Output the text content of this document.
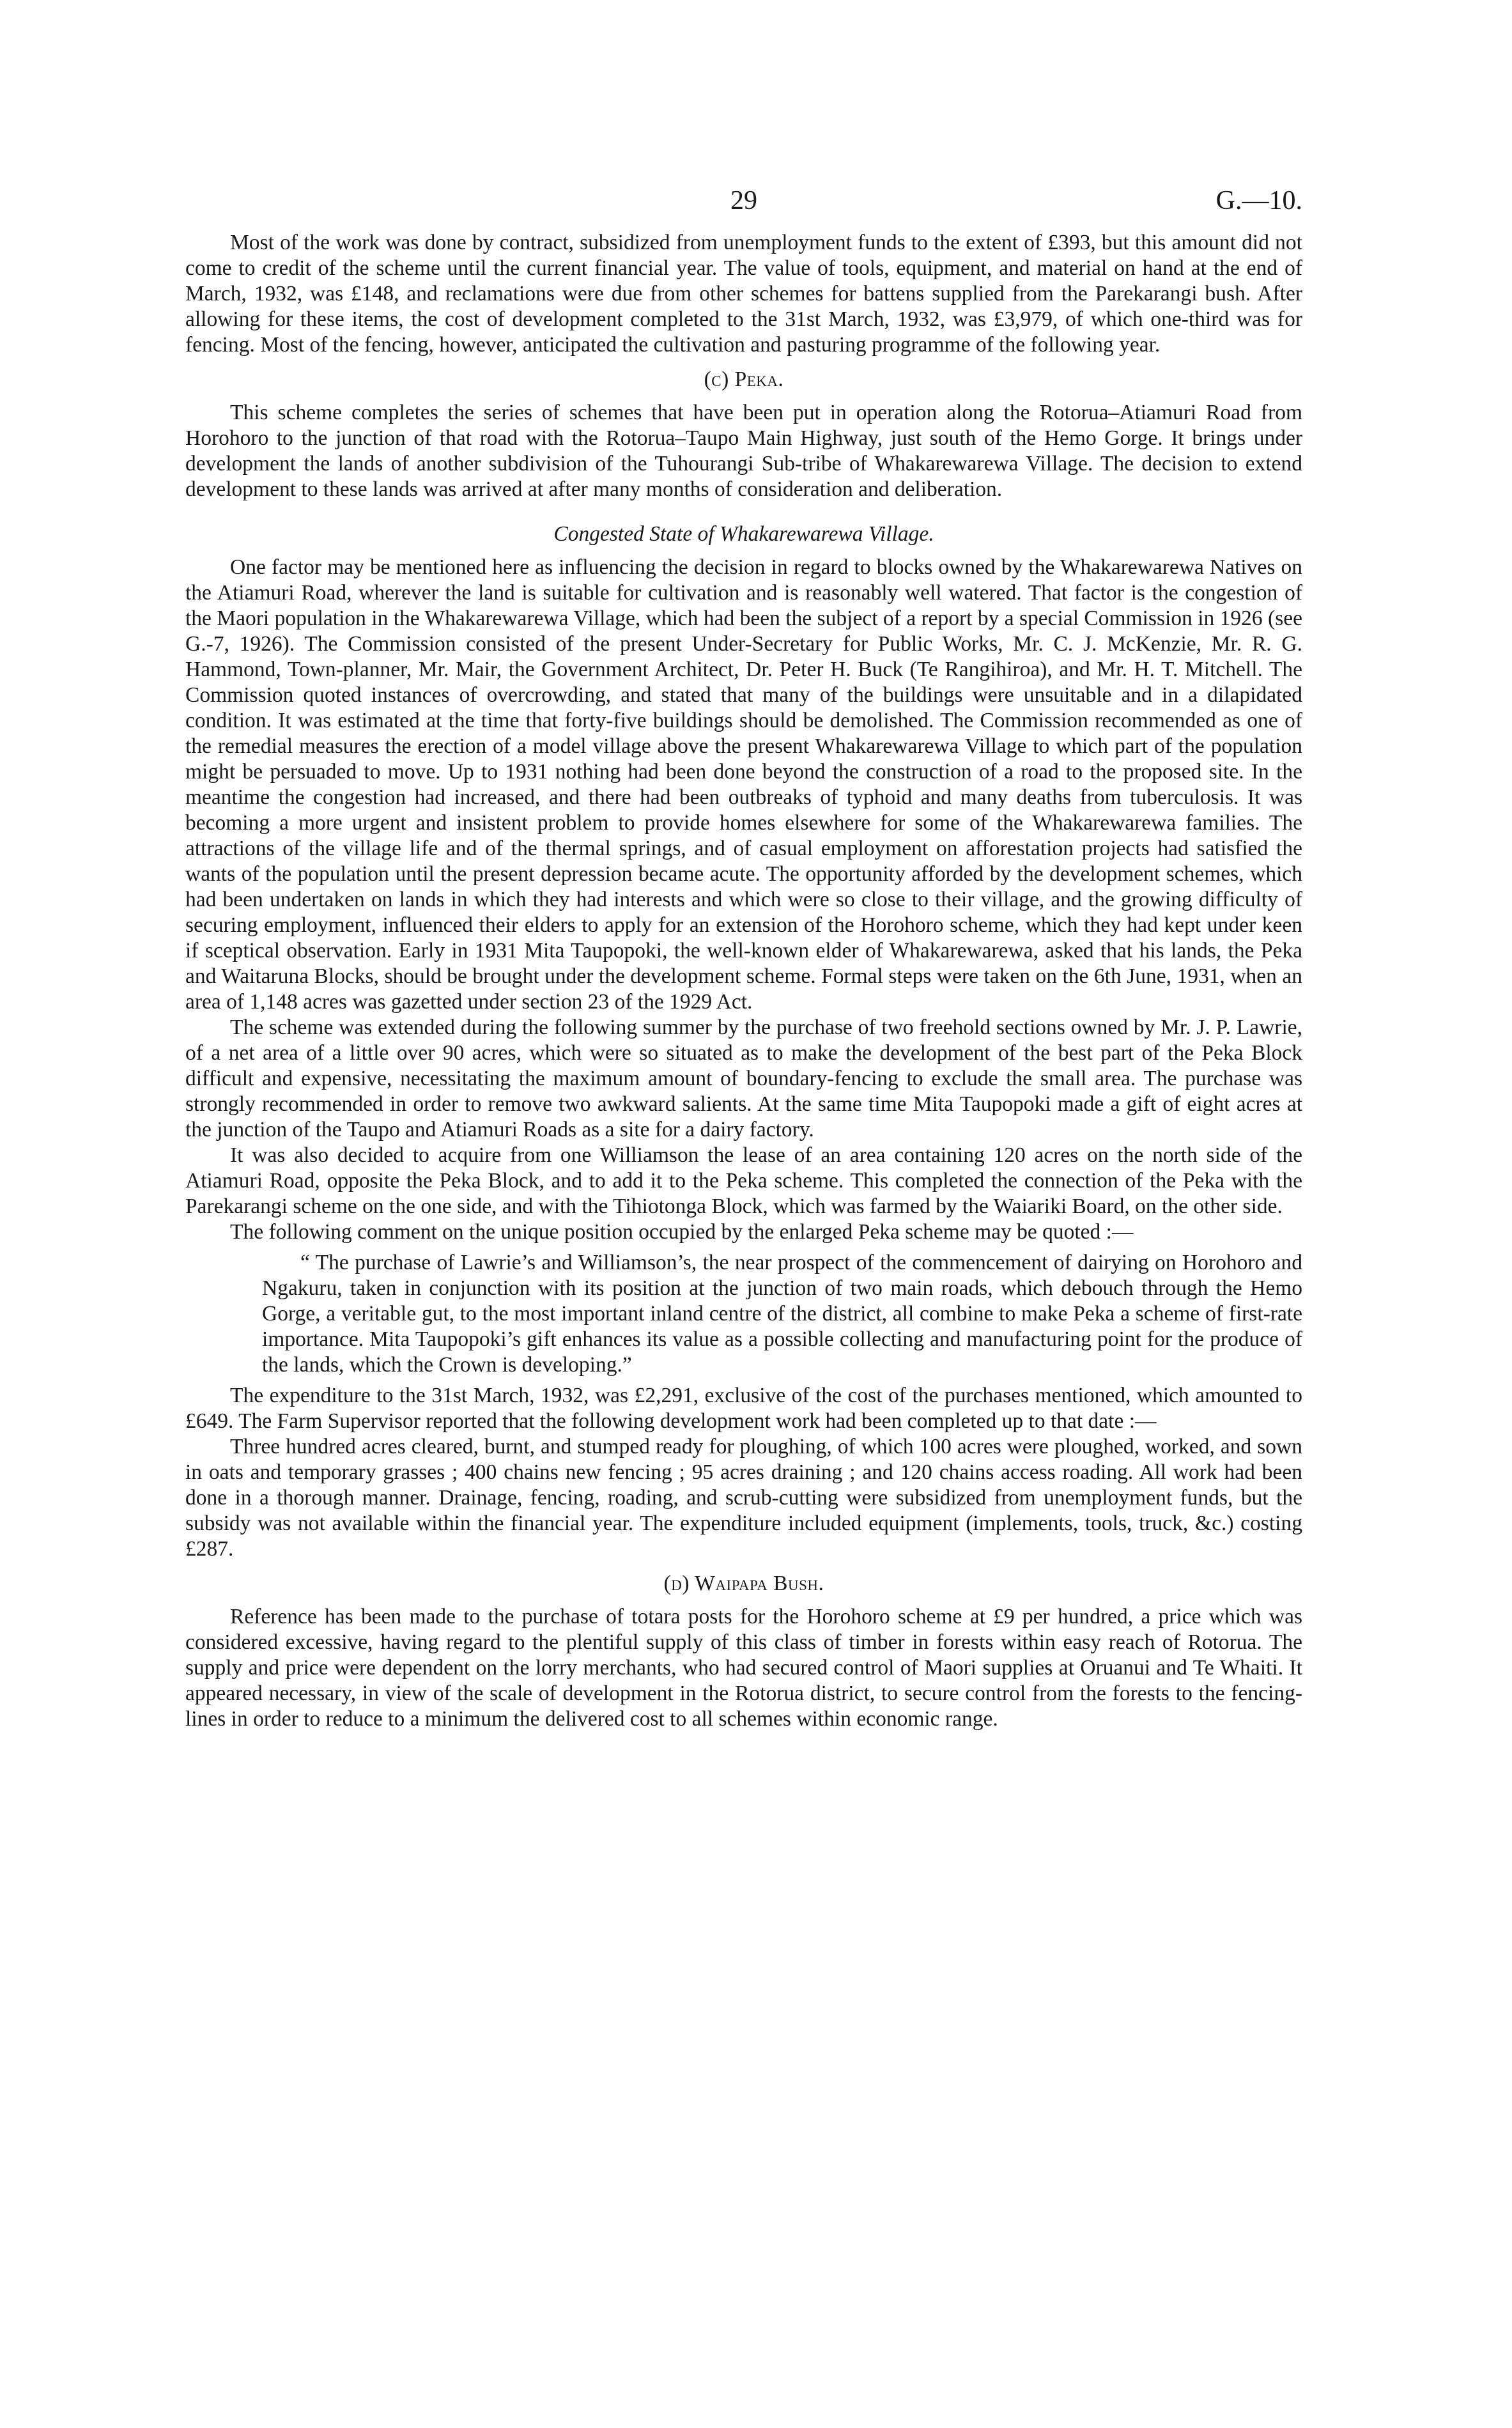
29	G.—10.

Most of the work was done by contract, subsidized from unemployment funds to the extent of £393, but this amount did not come to credit of the scheme until the current financial year. The value of tools, equipment, and material on hand at the end of March, 1932, was £148, and reclamations were due from other schemes for battens supplied from the Parekarangi bush. After allowing for these items, the cost of development completed to the 31st March, 1932, was £3,979, of which one-third was for fencing. Most of the fencing, however, anticipated the cultivation and pasturing programme of the following year.

(c) Peka.

This scheme completes the series of schemes that have been put in operation along the Rotorua–Atiamuri Road from Horohoro to the junction of that road with the Rotorua–Taupo Main Highway, just south of the Hemo Gorge. It brings under development the lands of another subdivision of the Tuhourangi Sub-tribe of Whakarewarewa Village. The decision to extend development to these lands was arrived at after many months of consideration and deliberation.

Congested State of Whakarewarewa Village.

One factor may be mentioned here as influencing the decision in regard to blocks owned by the Whakarewarewa Natives on the Atiamuri Road, wherever the land is suitable for cultivation and is reasonably well watered. That factor is the congestion of the Maori population in the Whakarewarewa Village, which had been the subject of a report by a special Commission in 1926 (see G.-7, 1926). The Commission consisted of the present Under-Secretary for Public Works, Mr. C. J. McKenzie, Mr. R. G. Hammond, Town-planner, Mr. Mair, the Government Architect, Dr. Peter H. Buck (Te Rangihiroa), and Mr. H. T. Mitchell. The Commission quoted instances of overcrowding, and stated that many of the buildings were unsuitable and in a dilapidated condition. It was estimated at the time that forty-five buildings should be demolished. The Commission recommended as one of the remedial measures the erection of a model village above the present Whakarewarewa Village to which part of the population might be persuaded to move. Up to 1931 nothing had been done beyond the construction of a road to the proposed site. In the meantime the congestion had increased, and there had been outbreaks of typhoid and many deaths from tuberculosis. It was becoming a more urgent and insistent problem to provide homes elsewhere for some of the Whakarewarewa families. The attractions of the village life and of the thermal springs, and of casual employment on afforestation projects had satisfied the wants of the population until the present depression became acute. The opportunity afforded by the development schemes, which had been undertaken on lands in which they had interests and which were so close to their village, and the growing difficulty of securing employment, influenced their elders to apply for an extension of the Horohoro scheme, which they had kept under keen if sceptical observation. Early in 1931 Mita Taupopoki, the well-known elder of Whakarewarewa, asked that his lands, the Peka and Waitaruna Blocks, should be brought under the development scheme. Formal steps were taken on the 6th June, 1931, when an area of 1,148 acres was gazetted under section 23 of the 1929 Act.

The scheme was extended during the following summer by the purchase of two freehold sections owned by Mr. J. P. Lawrie, of a net area of a little over 90 acres, which were so situated as to make the development of the best part of the Peka Block difficult and expensive, necessitating the maximum amount of boundary-fencing to exclude the small area. The purchase was strongly recommended in order to remove two awkward salients. At the same time Mita Taupopoki made a gift of eight acres at the junction of the Taupo and Atiamuri Roads as a site for a dairy factory.

It was also decided to acquire from one Williamson the lease of an area containing 120 acres on the north side of the Atiamuri Road, opposite the Peka Block, and to add it to the Peka scheme. This completed the connection of the Peka with the Parekarangi scheme on the one side, and with the Tihiotonga Block, which was farmed by the Waiariki Board, on the other side.

The following comment on the unique position occupied by the enlarged Peka scheme may be quoted :—

“ The purchase of Lawrie’s and Williamson’s, the near prospect of the commencement of dairying on Horohoro and Ngakuru, taken in conjunction with its position at the junction of two main roads, which debouch through the Hemo Gorge, a veritable gut, to the most important inland centre of the district, all combine to make Peka a scheme of first-rate importance. Mita Taupopoki’s gift enhances its value as a possible collecting and manufacturing point for the produce of the lands, which the Crown is developing.”

The expenditure to the 31st March, 1932, was £2,291, exclusive of the cost of the purchases mentioned, which amounted to £649. The Farm Supervisor reported that the following development work had been completed up to that date :—

Three hundred acres cleared, burnt, and stumped ready for ploughing, of which 100 acres were ploughed, worked, and sown in oats and temporary grasses ; 400 chains new fencing ; 95 acres draining ; and 120 chains access roading. All work had been done in a thorough manner. Drainage, fencing, roading, and scrub-cutting were subsidized from unemployment funds, but the subsidy was not available within the financial year. The expenditure included equipment (implements, tools, truck, &c.) costing £287.

(d) Waipapa Bush.

Reference has been made to the purchase of totara posts for the Horohoro scheme at £9 per hundred, a price which was considered excessive, having regard to the plentiful supply of this class of timber in forests within easy reach of Rotorua. The supply and price were dependent on the lorry merchants, who had secured control of Maori supplies at Oruanui and Te Whaiti. It appeared necessary, in view of the scale of development in the Rotorua district, to secure control from the forests to the fencing-lines in order to reduce to a minimum the delivered cost to all schemes within economic range.
